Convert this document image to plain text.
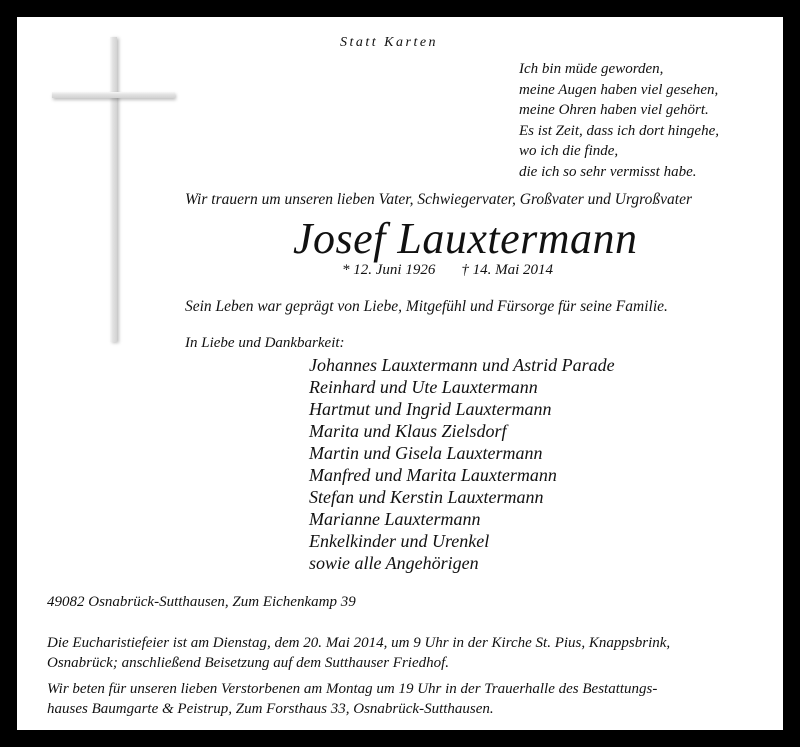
Statt Karten
Ich bin müde geworden,
meine Augen haben viel gesehen,
meine Ohren haben viel gehört.
Es ist Zeit, dass ich dort hingehe,
wo ich die finde,
die ich so sehr vermisst habe.
Wir trauern um unseren lieben Vater, Schwiegervater, Großvater und Urgroßvater
Josef Lauxtermann
* 12. Juni 1926 † 14. Mai 2014
Sein Leben war geprägt von Liebe, Mitgefühl und Fürsorge für seine Familie.
In Liebe und Dankbarkeit:
Johannes Lauxtermann und Astrid Parade
Reinhard und Ute Lauxtermann
Hartmut und Ingrid Lauxtermann
Marita und Klaus Zielsdorf
Martin und Gisela Lauxtermann
Manfred und Marita Lauxtermann
Stefan und Kerstin Lauxtermann
Marianne Lauxtermann
Enkelkinder und Urenkel
sowie alle Angehörigen
49082 Osnabrück-Sutthausen, Zum Eichenkamp 39
Die Eucharistiefeier ist am Dienstag, dem 20. Mai 2014, um 9 Uhr in der Kirche St. Pius, Knappsbrink,
Osnabrück; anschließend Beisetzung auf dem Sutthauser Friedhof.
Wir beten für unseren lieben Verstorbenen am Montag um 19 Uhr in der Trauerhalle des Bestattungs-
hauses Baumgarte & Peistrup, Zum Forsthaus 33, Osnabrück-Sutthausen.
